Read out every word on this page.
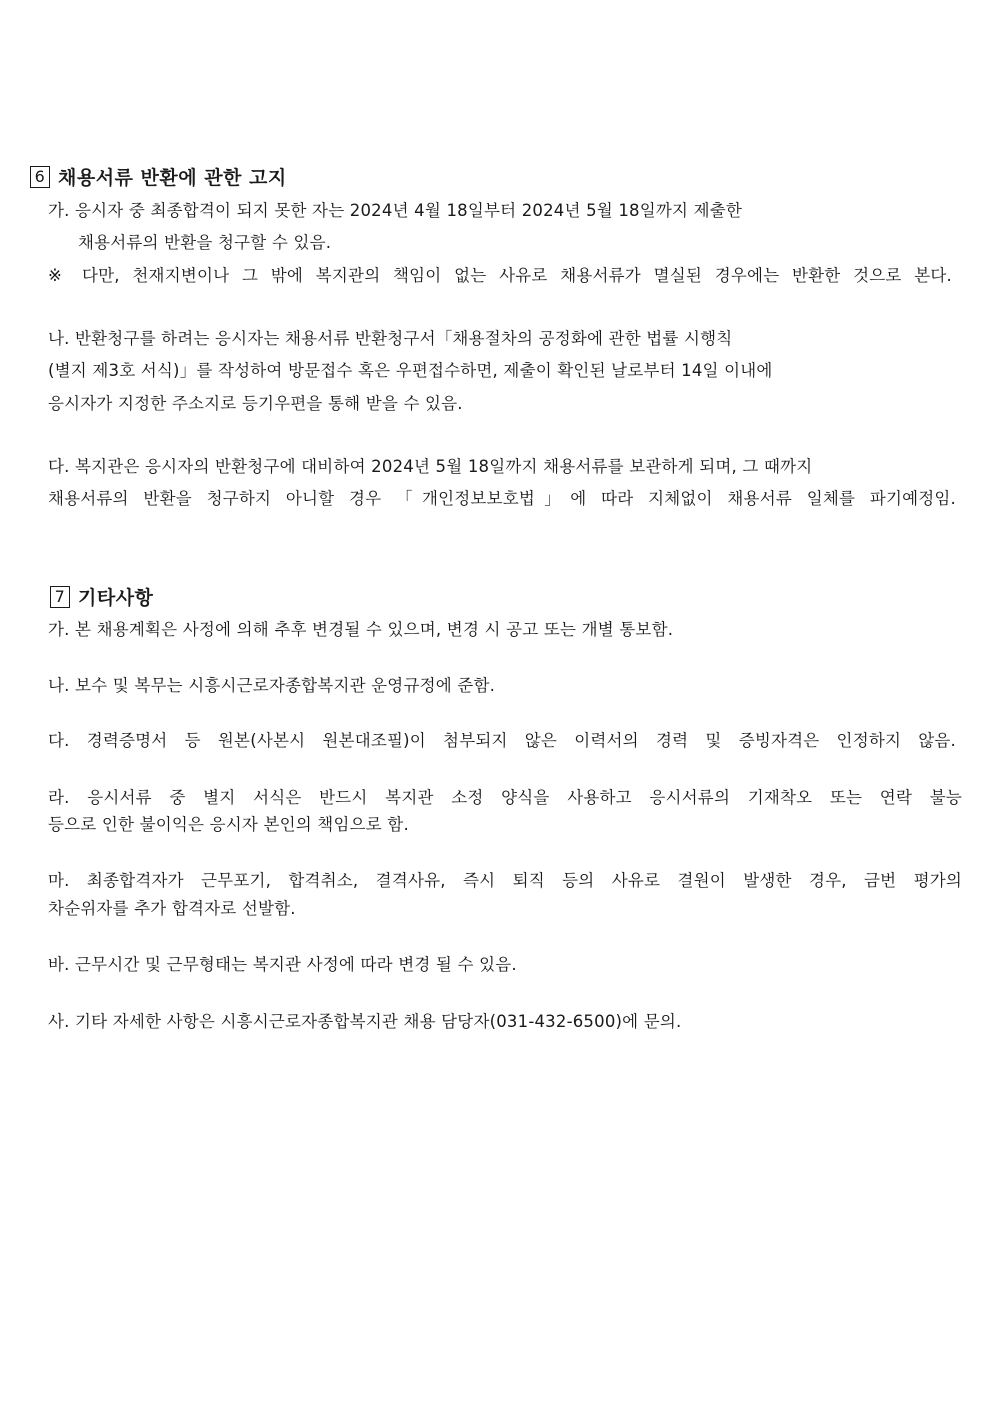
6 채용서류 반환에 관한 고지
가. 응시자 중 최종합격이 되지 못한 자는 2024년 4월 18일부터 2024년 5월 18일까지 제출한
채용서류의 반환을 청구할 수 있음.
※ 다만, 천재지변이나 그 밖에 복지관의 책임이 없는 사유로 채용서류가 멸실된 경우에는 반환한 것으로 본다.
나. 반환청구를 하려는 응시자는 채용서류 반환청구서「채용절차의 공정화에 관한 법률 시행칙
(별지 제3호 서식)」를 작성하여 방문접수 혹은 우편접수하면, 제출이 확인된 날로부터 14일 이내에
응시자가 지정한 주소지로 등기우편을 통해 받을 수 있음.
다. 복지관은 응시자의 반환청구에 대비하여 2024년 5월 18일까지 채용서류를 보관하게 되며, 그 때까지
채용서류의 반환을 청구하지 아니할 경우 「개인정보보호법」에 따라 지체없이 채용서류 일체를 파기예정임.
7 기타사항
가. 본 채용계획은 사정에 의해 추후 변경될 수 있으며, 변경 시 공고 또는 개별 통보함.
나. 보수 및 복무는 시흥시근로자종합복지관 운영규정에 준함.
다. 경력증명서 등 원본(사본시 원본대조필)이 첨부되지 않은 이력서의 경력 및 증빙자격은 인정하지 않음.
라. 응시서류 중 별지 서식은 반드시 복지관 소정 양식을 사용하고 응시서류의 기재착오 또는 연락 불능
등으로 인한 불이익은 응시자 본인의 책임으로 함.
마. 최종합격자가 근무포기, 합격취소, 결격사유, 즉시 퇴직 등의 사유로 결원이 발생한 경우, 금번 평가의
차순위자를 추가 합격자로 선발함.
바. 근무시간 및 근무형태는 복지관 사정에 따라 변경 될 수 있음.
사. 기타 자세한 사항은 시흥시근로자종합복지관 채용 담당자(031-432-6500)에 문의.
